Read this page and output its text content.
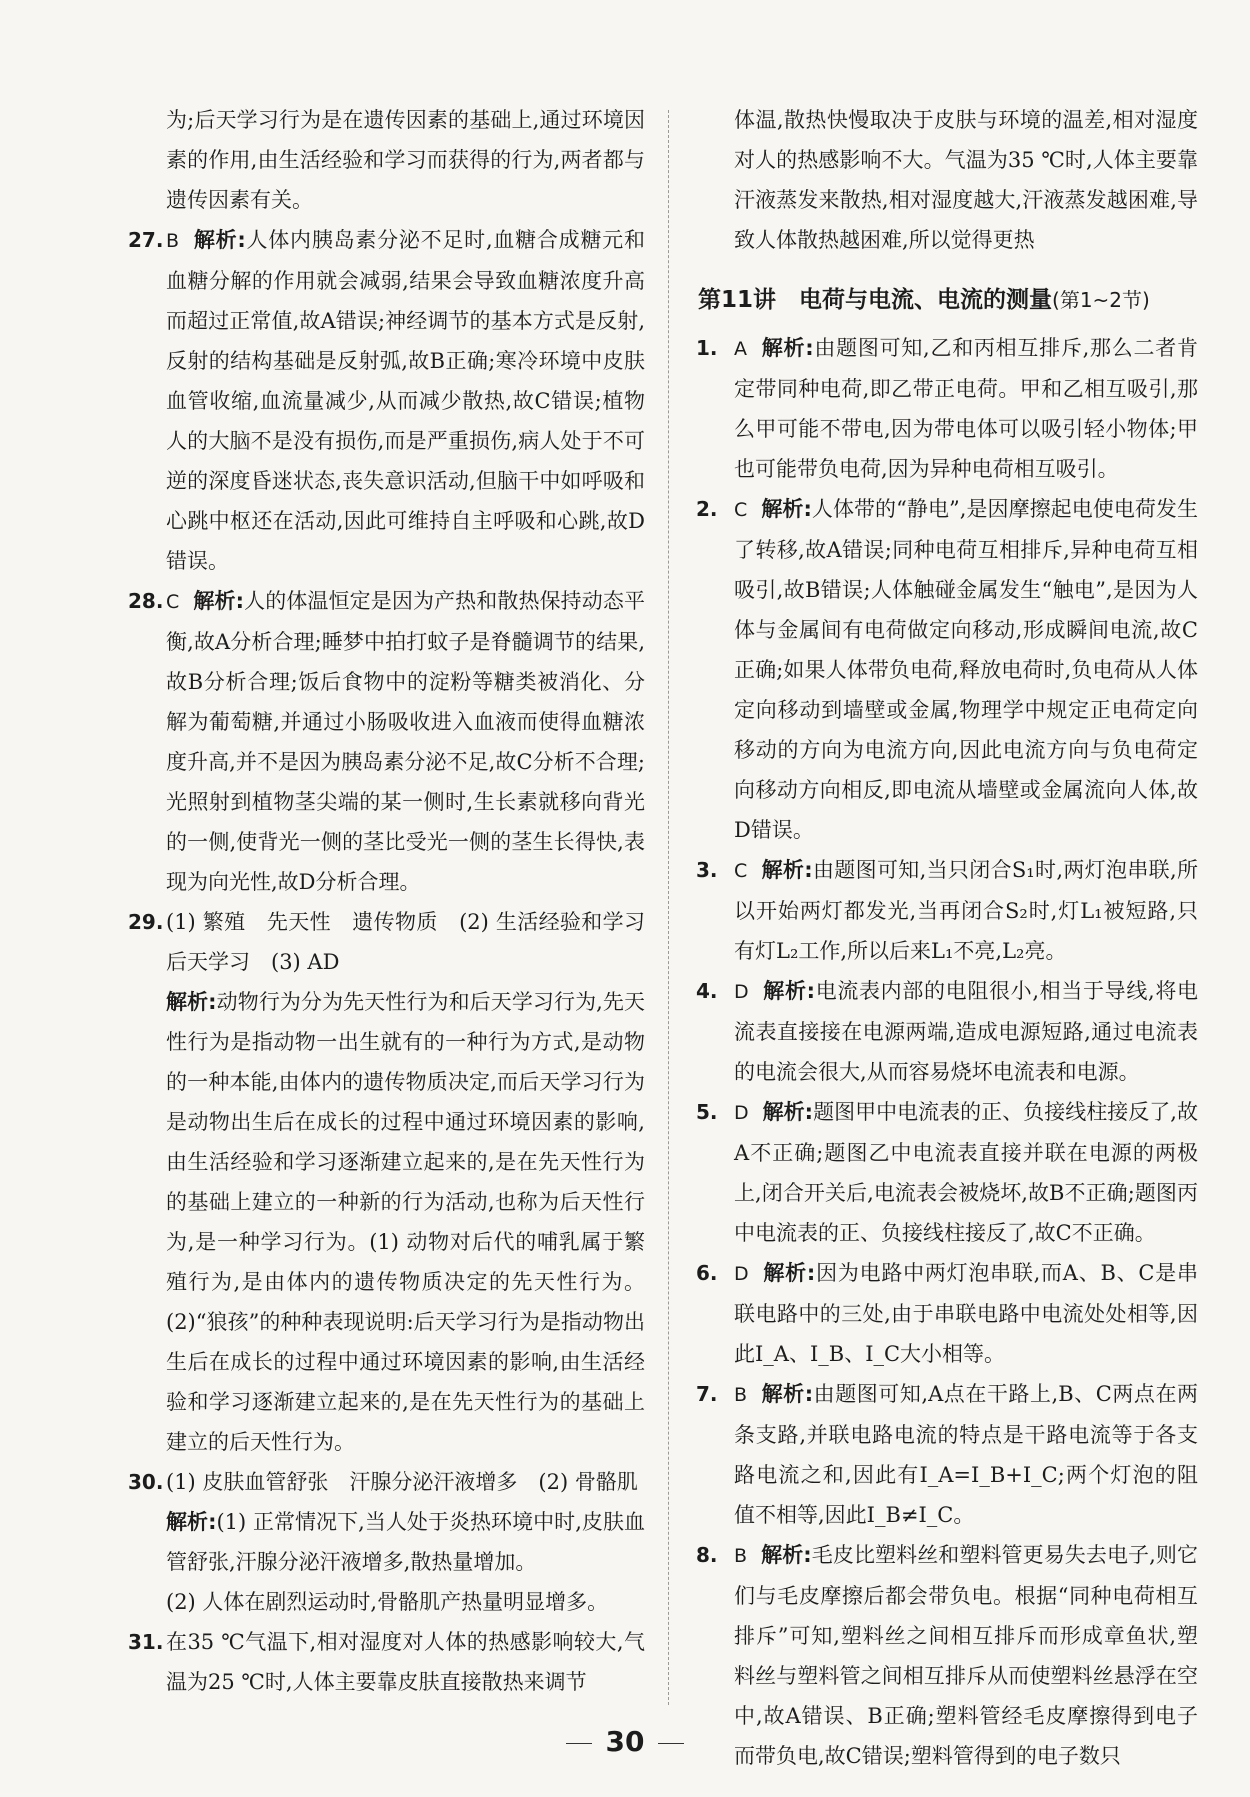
为;后天学习行为是在遗传因素的基础上,通过环境因素的作用,由生活经验和学习而获得的行为,两者都与遗传因素有关。

27. B 解析:人体内胰岛素分泌不足时,血糖合成糖元和血糖分解的作用就会减弱,结果会导致血糖浓度升高而超过正常值,故A错误;神经调节的基本方式是反射,反射的结构基础是反射弧,故B正确;寒冷环境中皮肤血管收缩,血流量减少,从而减少散热,故C错误;植物人的大脑不是没有损伤,而是严重损伤,病人处于不可逆的深度昏迷状态,丧失意识活动,但脑干中如呼吸和心跳中枢还在活动,因此可维持自主呼吸和心跳,故D错误。

28. C 解析:人的体温恒定是因为产热和散热保持动态平衡,故A分析合理;睡梦中拍打蚊子是脊髓调节的结果,故B分析合理;饭后食物中的淀粉等糖类被消化、分解为葡萄糖,并通过小肠吸收进入血液而使得血糖浓度升高,并不是因为胰岛素分泌不足,故C分析不合理;光照射到植物茎尖端的某一侧时,生长素就移向背光的一侧,使背光一侧的茎比受光一侧的茎生长得快,表现为向光性,故D分析合理。

29. (1) 繁殖　先天性　遗传物质　(2) 生活经验和学习　后天学习　(3) AD

解析:动物行为分为先天性行为和后天学习行为,先天性行为是指动物一出生就有的一种行为方式,是动物的一种本能,由体内的遗传物质决定,而后天学习行为是动物出生后在成长的过程中通过环境因素的影响,由生活经验和学习逐渐建立起来的,是在先天性行为的基础上建立的一种新的行为活动,也称为后天性行为,是一种学习行为。(1) 动物对后代的哺乳属于繁殖行为,是由体内的遗传物质决定的先天性行为。(2)“狼孩”的种种表现说明:后天学习行为是指动物出生后在成长的过程中通过环境因素的影响,由生活经验和学习逐渐建立起来的,是在先天性行为的基础上建立的后天性行为。

30. (1) 皮肤血管舒张　汗腺分泌汗液增多　(2) 骨骼肌

解析:(1) 正常情况下,当人处于炎热环境中时,皮肤血管舒张,汗腺分泌汗液增多,散热量增加。

(2) 人体在剧烈运动时,骨骼肌产热量明显增多。

31. 在35 ℃气温下,相对湿度对人体的热感影响较大,气温为25 ℃时,人体主要靠皮肤直接散热来调节

体温,散热快慢取决于皮肤与环境的温差,相对湿度对人的热感影响不大。气温为35 ℃时,人体主要靠汗液蒸发来散热,相对湿度越大,汗液蒸发越困难,导致人体散热越困难,所以觉得更热

第11讲　电荷与电流、电流的测量(第1~2节)
1. A 解析:由题图可知,乙和丙相互排斥,那么二者肯定带同种电荷,即乙带正电荷。甲和乙相互吸引,那么甲可能不带电,因为带电体可以吸引轻小物体;甲也可能带负电荷,因为异种电荷相互吸引。

2. C 解析:人体带的“静电”,是因摩擦起电使电荷发生了转移,故A错误;同种电荷互相排斥,异种电荷互相吸引,故B错误;人体触碰金属发生“触电”,是因为人体与金属间有电荷做定向移动,形成瞬间电流,故C正确;如果人体带负电荷,释放电荷时,负电荷从人体定向移动到墙壁或金属,物理学中规定正电荷定向移动的方向为电流方向,因此电流方向与负电荷定向移动方向相反,即电流从墙壁或金属流向人体,故D错误。

3. C 解析:由题图可知,当只闭合S₁时,两灯泡串联,所以开始两灯都发光,当再闭合S₂时,灯L₁被短路,只有灯L₂工作,所以后来L₁不亮,L₂亮。

4. D 解析:电流表内部的电阻很小,相当于导线,将电流表直接接在电源两端,造成电源短路,通过电流表的电流会很大,从而容易烧坏电流表和电源。

5. D 解析:题图甲中电流表的正、负接线柱接反了,故A不正确;题图乙中电流表直接并联在电源的两极上,闭合开关后,电流表会被烧坏,故B不正确;题图丙中电流表的正、负接线柱接反了,故C不正确。

6. D 解析:因为电路中两灯泡串联,而A、B、C是串联电路中的三处,由于串联电路中电流处处相等,因此I_A、I_B、I_C大小相等。

7. B 解析:由题图可知,A点在干路上,B、C两点在两条支路,并联电路电流的特点是干路电流等于各支路电流之和,因此有I_A=I_B+I_C;两个灯泡的阻值不相等,因此I_B≠I_C。

8. B 解析:毛皮比塑料丝和塑料管更易失去电子,则它们与毛皮摩擦后都会带负电。根据“同种电荷相互排斥”可知,塑料丝之间相互排斥而形成章鱼状,塑料丝与塑料管之间相互排斥从而使塑料丝悬浮在空中,故A错误、B正确;塑料管经毛皮摩擦得到电子而带负电,故C错误;塑料管得到的电子数只

30
